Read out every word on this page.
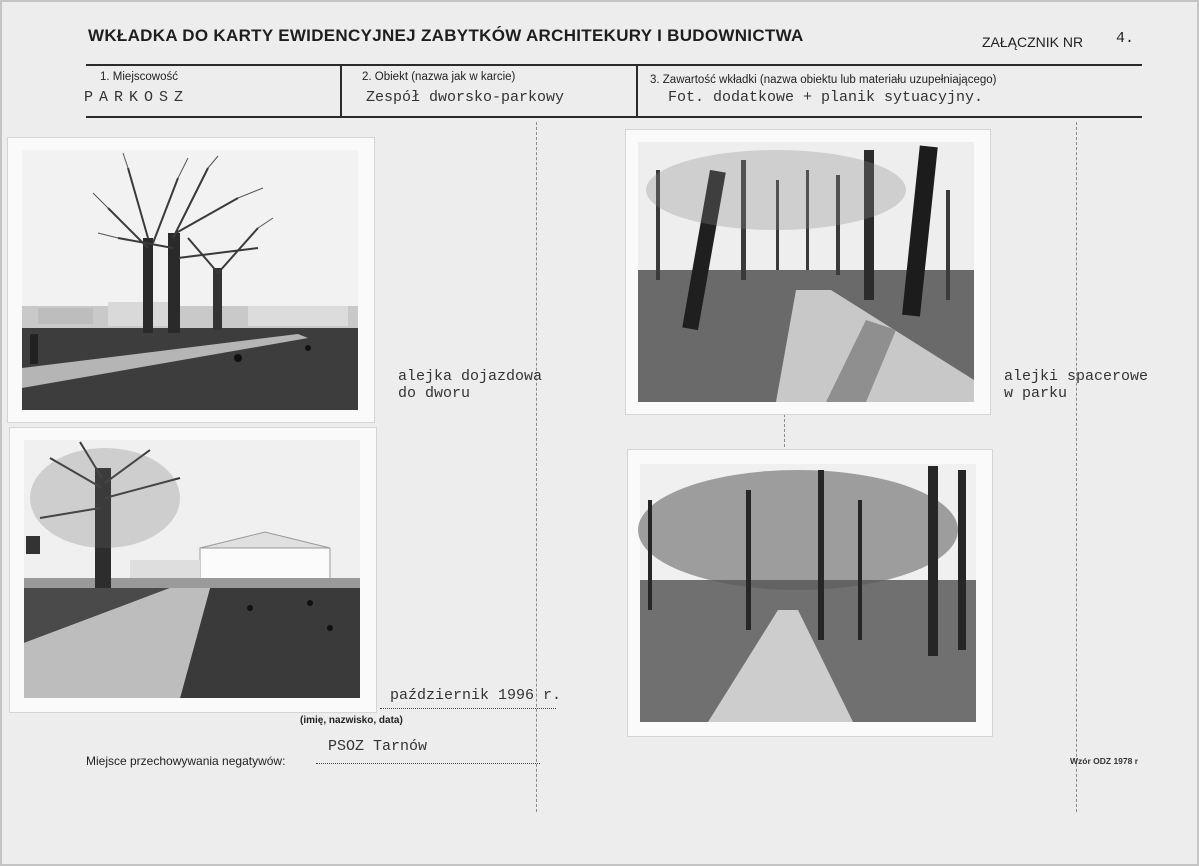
WKŁADKA DO KARTY EWIDENCYJNEJ ZABYTKÓW ARCHITEKURY I BUDOWNICTWA	ZAŁĄCZNIK NR 4.
1. Miejscowość
PARKOSZ
2. Obiekt (nazwa jak w karcie)
Zespół dworsko-parkowy
3. Zawartość wkładki (nazwa obiektu lub materiału uzupełniającego)
Fot. dodatkowe + planik sytuacyjny.
alejka dojazdowa
do dworu
alejki spacerowe
w parku
październik 1996 r.
(imię, nazwisko, data)
PSOZ Tarnów
Miejsce przechowywania negatywów:	Wzór ODZ 1978 r
